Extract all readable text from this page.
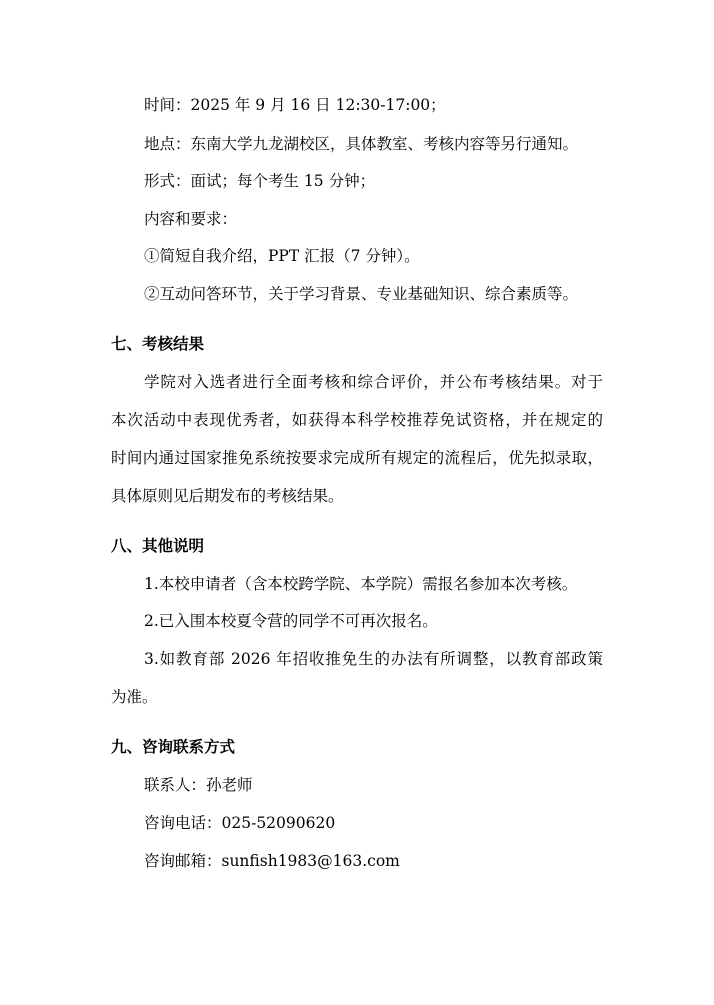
时间：2025 年 9 月 16 日 12:30-17:00；
地点：东南大学九龙湖校区，具体教室、考核内容等另行通知。
形式：面试；每个考生 15 分钟；
内容和要求：
①简短自我介绍，PPT 汇报（7 分钟）。
②互动问答环节，关于学习背景、专业基础知识、综合素质等。
七、考核结果
学院对入选者进行全面考核和综合评价，并公布考核结果。对于
本次活动中表现优秀者，如获得本科学校推荐免试资格，并在规定的
时间内通过国家推免系统按要求完成所有规定的流程后，优先拟录取，
具体原则见后期发布的考核结果。
八、其他说明
1.本校申请者（含本校跨学院、本学院）需报名参加本次考核。
2.已入围本校夏令营的同学不可再次报名。
3.如教育部 2026 年招收推免生的办法有所调整，以教育部政策
为准。
九、咨询联系方式
联系人：孙老师
咨询电话：025-52090620
咨询邮箱：sunfish1983@163.com
